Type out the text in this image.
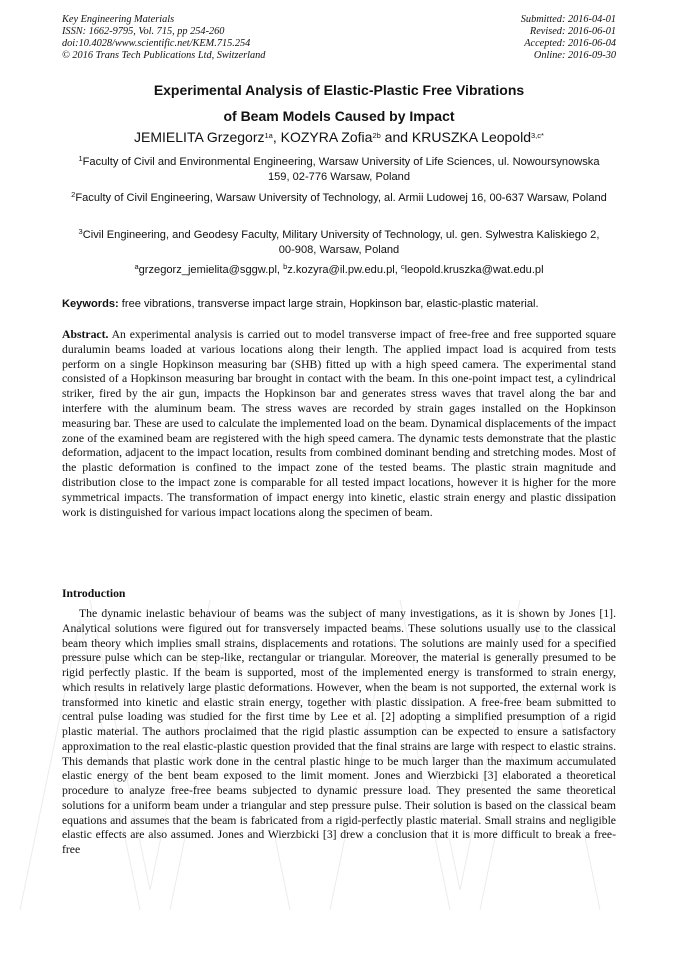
Key Engineering Materials
ISSN: 1662-9795, Vol. 715, pp 254-260
doi:10.4028/www.scientific.net/KEM.715.254
© 2016 Trans Tech Publications Ltd, Switzerland
Submitted: 2016-04-01
Revised: 2016-06-01
Accepted: 2016-06-04
Online: 2016-09-30
Experimental Analysis of Elastic-Plastic Free Vibrations
of Beam Models Caused by Impact
JEMIELITA Grzegorz$^{1a}$, KOZYRA Zofia$^{2b}$ and KRUSZKA Leopold$^{3,c*}$
$^1$Faculty of Civil and Environmental Engineering, Warsaw University of Life Sciences, ul. Nowoursynowska 159, 02-776 Warsaw, Poland
$^2$Faculty of Civil Engineering, Warsaw University of Technology, al. Armii Ludowej 16, 00-637 Warsaw, Poland
$^3$Civil Engineering, and Geodesy Faculty, Military University of Technology, ul. gen. Sylwestra Kaliskiego 2, 00-908, Warsaw, Poland
$^a$grzegorz_jemielita@sggw.pl, $^b$z.kozyra@il.pw.edu.pl, $^c$leopold.kruszka@wat.edu.pl
Keywords: free vibrations, transverse impact large strain, Hopkinson bar, elastic-plastic material.
Abstract. An experimental analysis is carried out to model transverse impact of free-free and free supported square duralumin beams loaded at various locations along their length. The applied impact load is acquired from tests perform on a single Hopkinson measuring bar (SHB) fitted up with a high speed camera. The experimental stand consisted of a Hopkinson measuring bar brought in contact with the beam. In this one-point impact test, a cylindrical striker, fired by the air gun, impacts the Hopkinson bar and generates stress waves that travel along the bar and interfere with the aluminum beam. The stress waves are recorded by strain gages installed on the Hopkinson measuring bar. These are used to calculate the implemented load on the beam. Dynamical displacements of the impact zone of the examined beam are registered with the high speed camera. The dynamic tests demonstrate that the plastic deformation, adjacent to the impact location, results from combined dominant bending and stretching modes. Most of the plastic deformation is confined to the impact zone of the tested beams. The plastic strain magnitude and distribution close to the impact zone is comparable for all tested impact locations, however it is higher for the more symmetrical impacts. The transformation of impact energy into kinetic, elastic strain energy and plastic dissipation work is distinguished for various impact locations along the specimen of beam.
Introduction
The dynamic inelastic behaviour of beams was the subject of many investigations, as it is shown by Jones [1]. Analytical solutions were figured out for transversely impacted beams. These solutions usually use to the classical beam theory which implies small strains, displacements and rotations. The solutions are mainly used for a specified pressure pulse which can be step-like, rectangular or triangular. Moreover, the material is generally presumed to be rigid perfectly plastic. If the beam is supported, most of the implemented energy is transformed to strain energy, which results in relatively large plastic deformations. However, when the beam is not supported, the external work is transformed into kinetic and elastic strain energy, together with plastic dissipation. A free-free beam submitted to central pulse loading was studied for the first time by Lee et al. [2] adopting a simplified presumption of a rigid plastic material. The authors proclaimed that the rigid plastic assumption can be expected to ensure a satisfactory approximation to the real elastic-plastic question provided that the final strains are large with respect to elastic strains. This demands that plastic work done in the central plastic hinge to be much larger than the maximum accumulated elastic energy of the bent beam exposed to the limit moment. Jones and Wierzbicki [3] elaborated a theoretical procedure to analyze free-free beams subjected to dynamic pressure load. They presented the same theoretical solutions for a uniform beam under a triangular and step pressure pulse. Their solution is based on the classical beam equations and assumes that the beam is fabricated from a rigid-perfectly plastic material. Small strains and negligible elastic effects are also assumed. Jones and Wierzbicki [3] drew a conclusion that it is more difficult to break a free-free
